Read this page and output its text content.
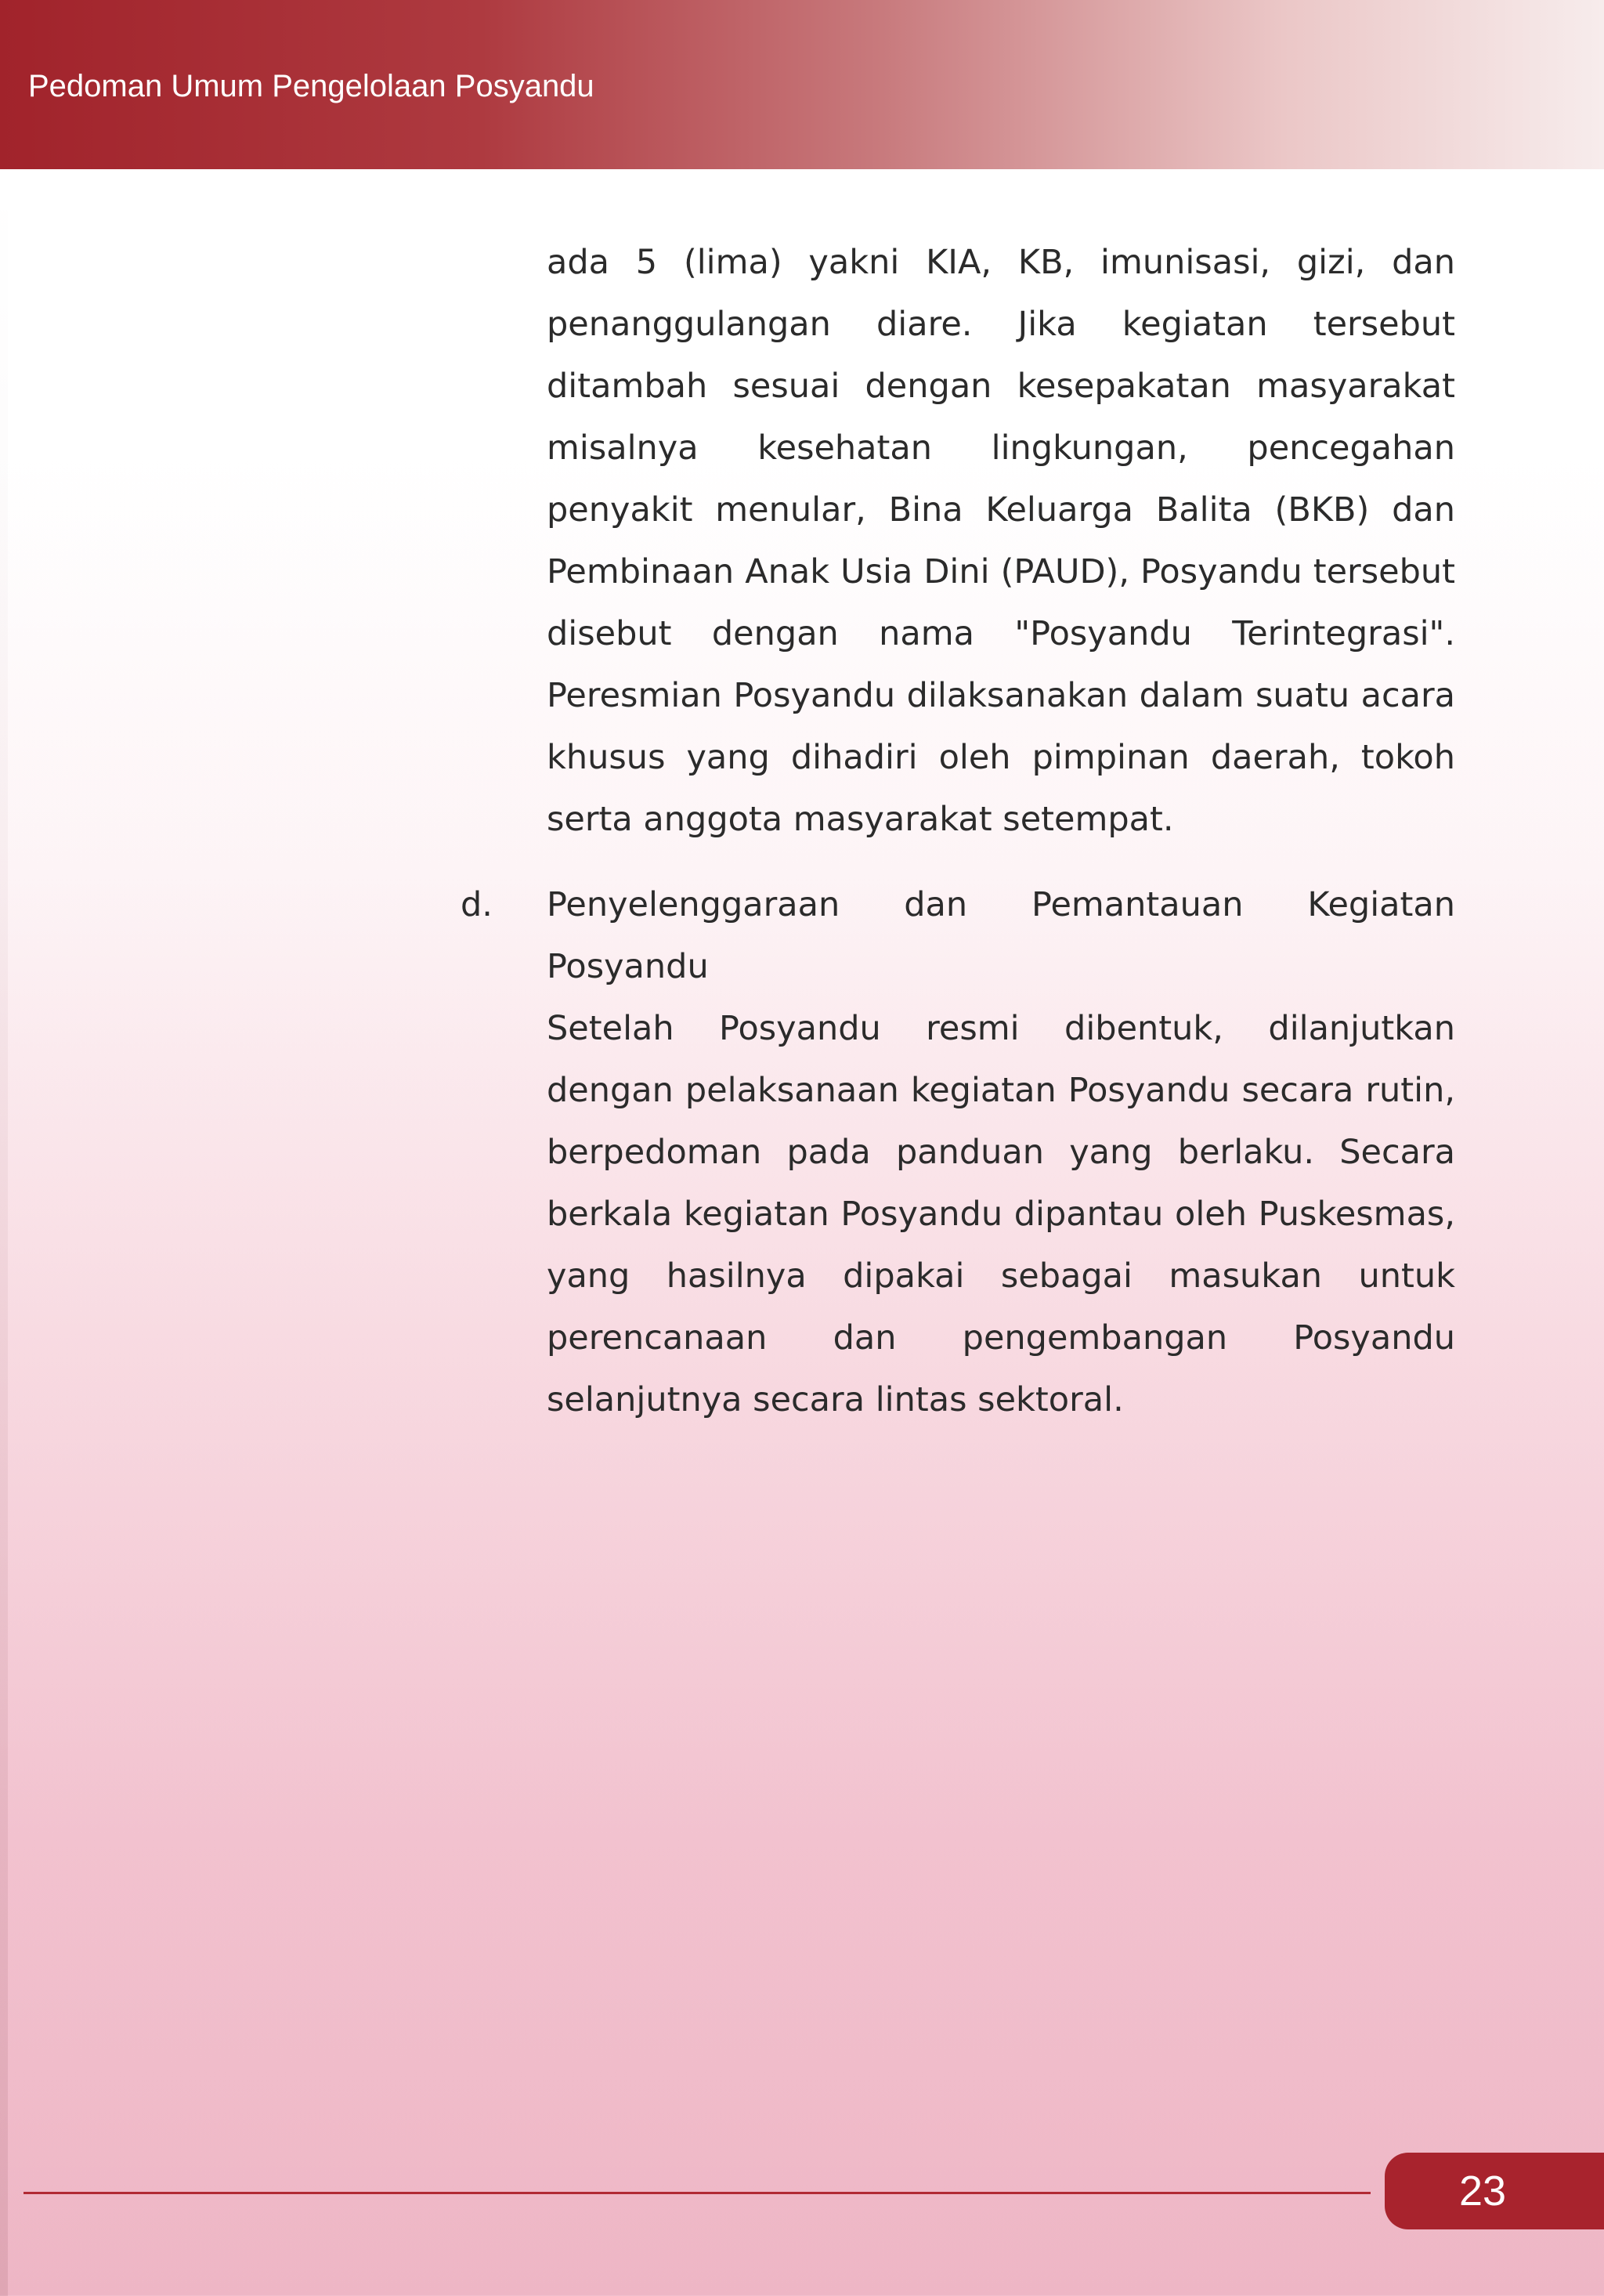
Pedoman Umum Pengelolaan Posyandu

ada 5 (lima) yakni KIA, KB, imunisasi, gizi, dan penanggulangan diare. Jika kegiatan tersebut ditambah sesuai dengan kesepakatan masyarakat misalnya kesehatan lingkungan, pencegahan penyakit menular, Bina Keluarga Balita (BKB) dan Pembinaan Anak Usia Dini (PAUD), Posyandu tersebut disebut dengan nama "Posyandu Terintegrasi". Peresmian Posyandu dilaksanakan dalam suatu acara khusus yang dihadiri oleh pimpinan daerah, tokoh serta anggota masyarakat setempat.

d. Penyelenggaraan dan Pemantauan Kegiatan Posyandu

Setelah Posyandu resmi dibentuk, dilanjutkan dengan pelaksanaan kegiatan Posyandu secara rutin, berpedoman pada panduan yang berlaku. Secara berkala kegiatan Posyandu dipantau oleh Puskesmas, yang hasilnya dipakai sebagai masukan untuk perencanaan dan pengembangan Posyandu selanjutnya secara lintas sektoral.

23
